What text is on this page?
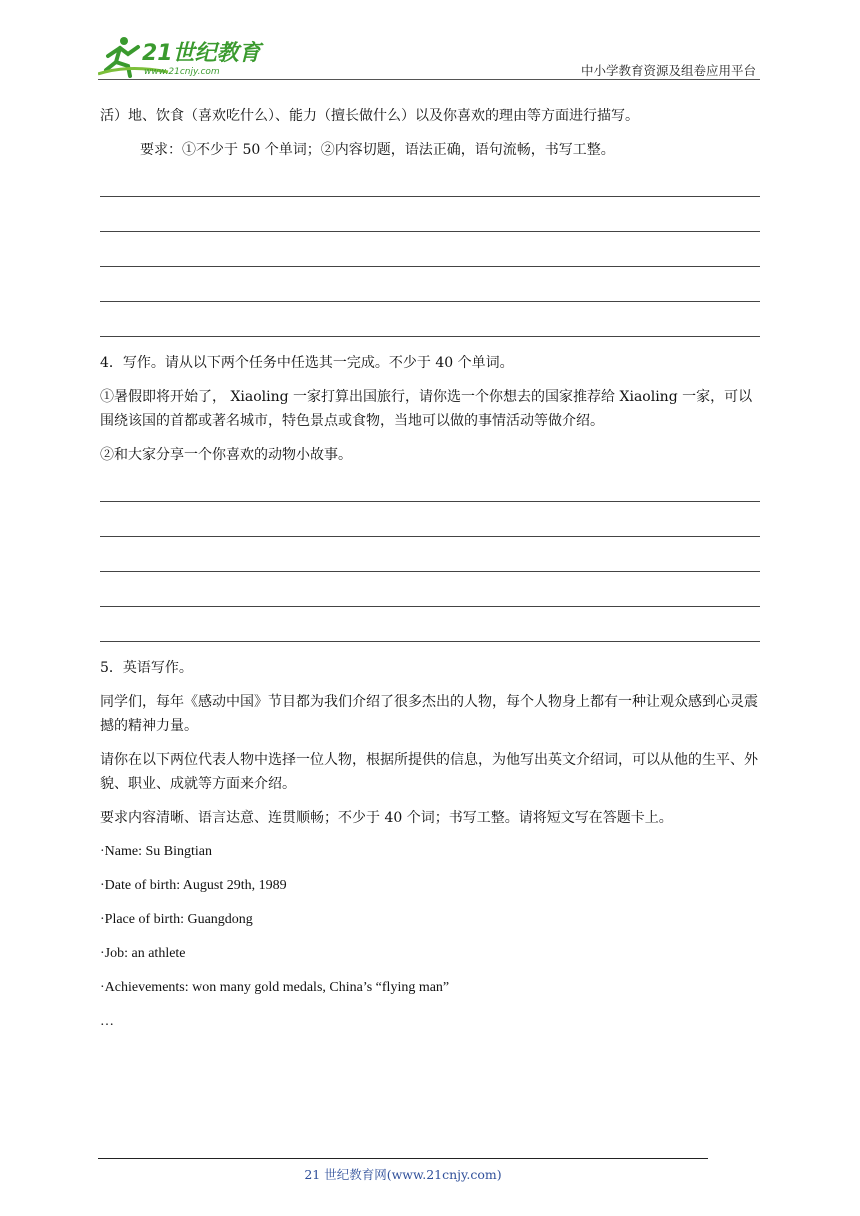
21世纪教育
www.21cnjy.com	中小学教育资源及组卷应用平台

活）地、饮食（喜欢吃什么）、能力（擅长做什么）以及你喜欢的理由等方面进行描写。

要求：①不少于 50 个单词；②内容切题，语法正确，语句流畅，书写工整。

4．写作。请从以下两个任务中任选其一完成。不少于 40 个单词。

①暑假即将开始了， Xiaoling 一家打算出国旅行，请你选一个你想去的国家推荐给 Xiaoling 一家，可以围绕该国的首都或著名城市，特色景点或食物，当地可以做的事情活动等做介绍。

②和大家分享一个你喜欢的动物小故事。

5．英语写作。

同学们，每年《感动中国》节目都为我们介绍了很多杰出的人物，每个人物身上都有一种让观众感到心灵震撼的精神力量。

请你在以下两位代表人物中选择一位人物，根据所提供的信息，为他写出英文介绍词，可以从他的生平、外貌、职业、成就等方面来介绍。

要求内容清晰、语言达意、连贯顺畅；不少于 40 个词；书写工整。请将短文写在答题卡上。

·Name: Su Bingtian

·Date of birth: August 29th, 1989

·Place of birth: Guangdong

·Job: an athlete

·Achievements: won many gold medals, China’s “flying man”

…

21 世纪教育网(www.21cnjy.com)
